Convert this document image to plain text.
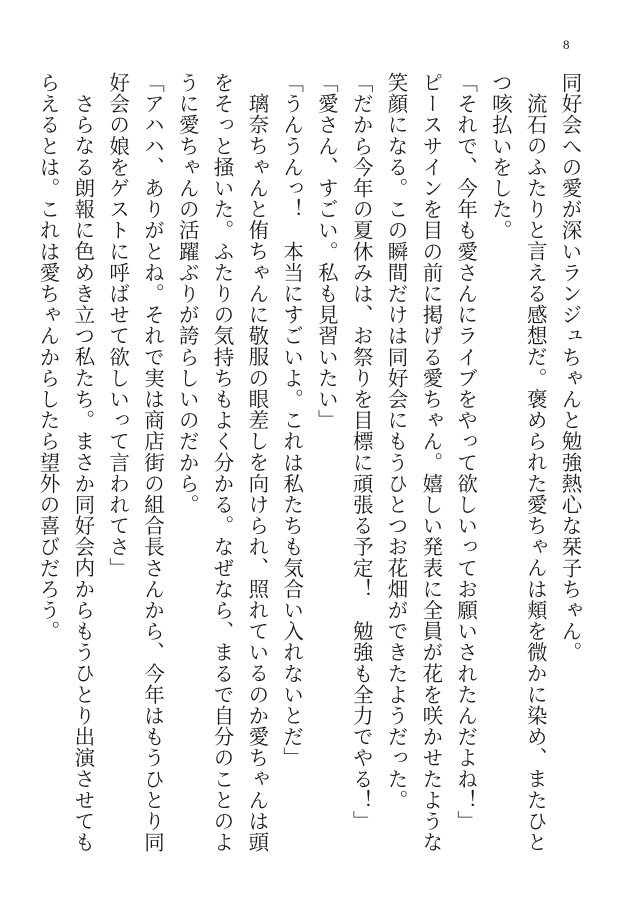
8

同好会への愛が深いランジュちゃんと勉強熱心な栞子ちゃん。

流石のふたりと言える感想だ。褒められた愛ちゃんは頬を微かに染め、またひとつ咳払いをした。

「それで、今年も愛さんにライブをやって欲しいってお願いされたんだよね！」

ピースサインを目の前に掲げる愛ちゃん。嬉しい発表に全員が花を咲かせたような笑顔になる。この瞬間だけは同好会にもうひとつお花畑ができたようだった。

「だから今年の夏休みは、お祭りを目標に頑張る予定！　勉強も全力でやる！」

「愛さん、すごい。私も見習いたい」

「うんうんっ！　本当にすごいよ。これは私たちも気合い入れないとだ」

璃奈ちゃんと侑ちゃんに敬服の眼差しを向けられ、照れているのか愛ちゃんは頭をそっと掻いた。ふたりの気持ちもよく分かる。なぜなら、まるで自分のことのように愛ちゃんの活躍ぶりが誇らしいのだから。

「アハハ、ありがとね。それで実は商店街の組合長さんから、今年はもうひとり同好会の娘をゲストに呼ばせて欲しいって言われてさ」

さらなる朗報に色めき立つ私たち。まさか同好会内からもうひとり出演させてもらえるとは。これは愛ちゃんからしたら望外の喜びだろう。
